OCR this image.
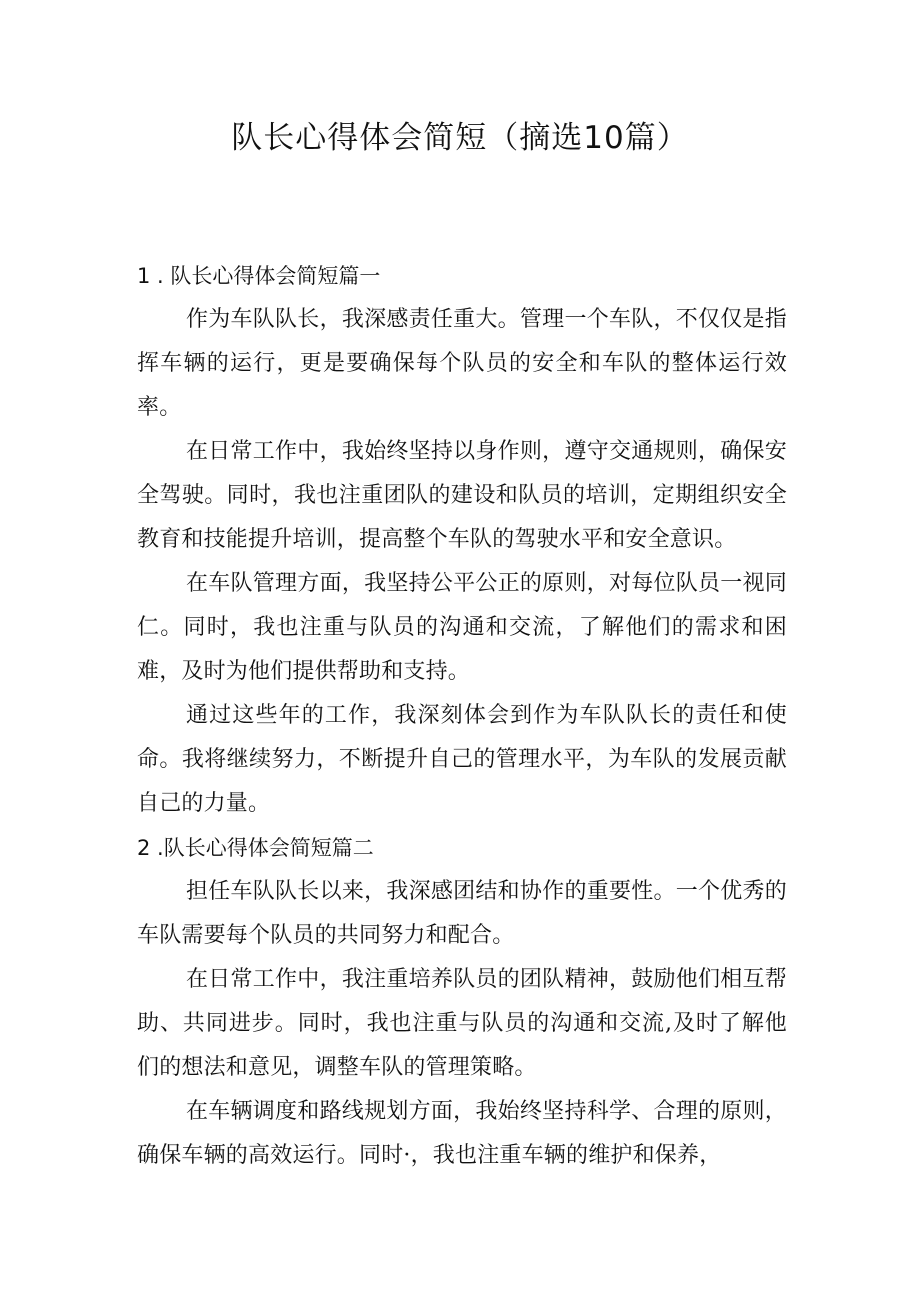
队长心得体会简短（摘选10篇）
1 . 队长心得体会简短篇一

作为车队队长，我深感责任重大。管理一个车队，不仅仅是指挥车辆的运行，更是要确保每个队员的安全和车队的整体运行效率。

在日常工作中，我始终坚持以身作则，遵守交通规则，确保安全驾驶。同时，我也注重团队的建设和队员的培训，定期组织安全教育和技能提升培训，提高整个车队的驾驶水平和安全意识。

在车队管理方面，我坚持公平公正的原则，对每位队员一视同仁。同时，我也注重与队员的沟通和交流，了解他们的需求和困难，及时为他们提供帮助和支持。

通过这些年的工作，我深刻体会到作为车队队长的责任和使命。我将继续努力，不断提升自己的管理水平，为车队的发展贡献自己的力量。

2 .队长心得体会简短篇二

担任车队队长以来，我深感团结和协作的重要性。一个优秀的车队需要每个队员的共同努力和配合。

在日常工作中，我注重培养队员的团队精神，鼓励他们相互帮助、共同进步。同时，我也注重与队员的沟通和交流,及时了解他们的想法和意见，调整车队的管理策略。

在车辆调度和路线规划方面，我始终坚持科学、合理的原则，确保车辆的高效运行。同时·，我也注重车辆的维护和保养，
